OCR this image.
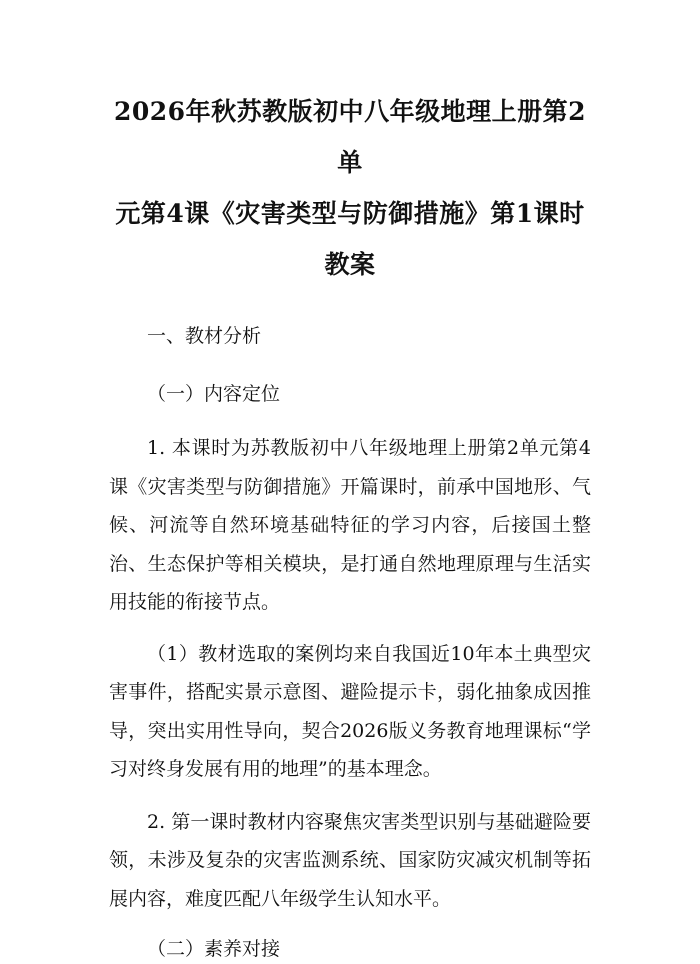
2026年秋苏教版初中八年级地理上册第2单
元第4课《灾害类型与防御措施》第1课时
教案

一、教材分析

（一）内容定位

1. 本课时为苏教版初中八年级地理上册第2单元第4课《灾害类型与防御措施》开篇课时，前承中国地形、气候、河流等自然环境基础特征的学习内容，后接国土整治、生态保护等相关模块，是打通自然地理原理与生活实用技能的衔接节点。

（1）教材选取的案例均来自我国近10年本土典型灾害事件，搭配实景示意图、避险提示卡，弱化抽象成因推导，突出实用性导向，契合2026版义务教育地理课标“学习对终身发展有用的地理”的基本理念。

2. 第一课时教材内容聚焦灾害类型识别与基础避险要领，未涉及复杂的灾害监测系统、国家防灾减灾机制等拓展内容，难度匹配八年级学生认知水平。

（二）素养对接
